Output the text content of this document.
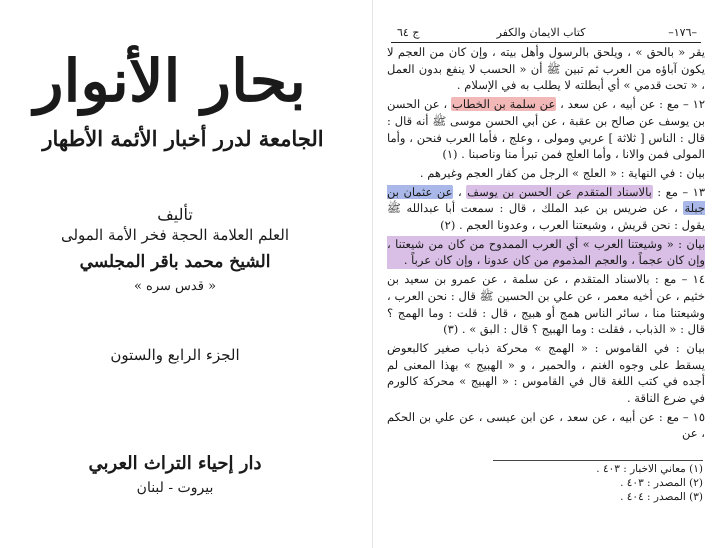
بحار الأنوار
الجامعة لدرر أخبار الأئمة الأطهار
تأليف
العلم العلامة الحجة فخر الأمة المولى
الشيخ محمد باقر المجلسي
« قدس سره »
الجزء الرابع والستون
دار إحياء التراث العربي
بيروت - لبنان
ج ٦٤	كتاب الايمان والكفر	–١٧٦–

يقر « بالحق » ، ويلحق بالرسول وأهل بيته ، وإن كان من العجم لا يكون آباؤه من العرب ثم تبين ﷺ أن « الحسب لا ينفع بدون العمل ، « تحت قدمي » أي أبطلته لا يطلب به في الإسلام .

١٢ – مع : عن أبيه ، عن سعد ، عن سلمة بن الخطاب ، عن الحسن بن يوسف عن صالح بن عقبة ، عن أبي الحسن موسى ﷺ أنه قال : قال : الناس [ ثلاثة ] عربي ومولى ، وعلج ، فأما العرب فنحن ، وأما المولى فمن والانا ، وأما العلج فمن تبرأ منا وناصبنا . (١)

بيان : في النهاية : « العلج » الرجل من كفار العجم وغيرهم .

١٣ – مع : بالاسناد المتقدم عن الحسن بن يوسف ، عن عثمان بن جبلة ، عن ضريس بن عبد الملك ، قال : سمعت أبا عبدالله ﷺ يقول : نحن قريش ، وشيعتنا العرب ، وعدونا العجم . (٢)

بيان : « وشيعتنا العرب » أي العرب الممدوح من كان من شيعتنا ، وإن كان عجماً ، والعجم المذموم من كان عدونا ، وإن كان عرباً .

١٤ – مع : بالاسناد المتقدم ، عن سلمة ، عن عمرو بن سعيد بن خثيم ، عن أخيه معمر ، عن علي بن الحسين ﷺ قال : نحن العرب ، وشيعتنا منا ، سائر الناس همج أو هبيج ، قال : قلت : وما الهمج ؟ قال : « الذباب ، فقلت : وما الهبيج ؟ قال : البق » . (٣)

بيان : في القاموس : « الهمج » محركة ذباب صغير كالبعوض يسقط على وجوه الغنم ، والحمير ، و « الهبيج » بهذا المعنى لم أجده في كتب اللغة قال في القاموس : « الهبيج » محركة كالورم في ضرع الناقة .

١٥ – مع : عن أبيه ، عن سعد ، عن ابن عيسى ، عن علي بن الحكم ، عن

(١) معاني الاخبار : ٤٠٣ .
(٢) المصدر : ٤٠٣ .
(٣) المصدر : ٤٠٤ .
